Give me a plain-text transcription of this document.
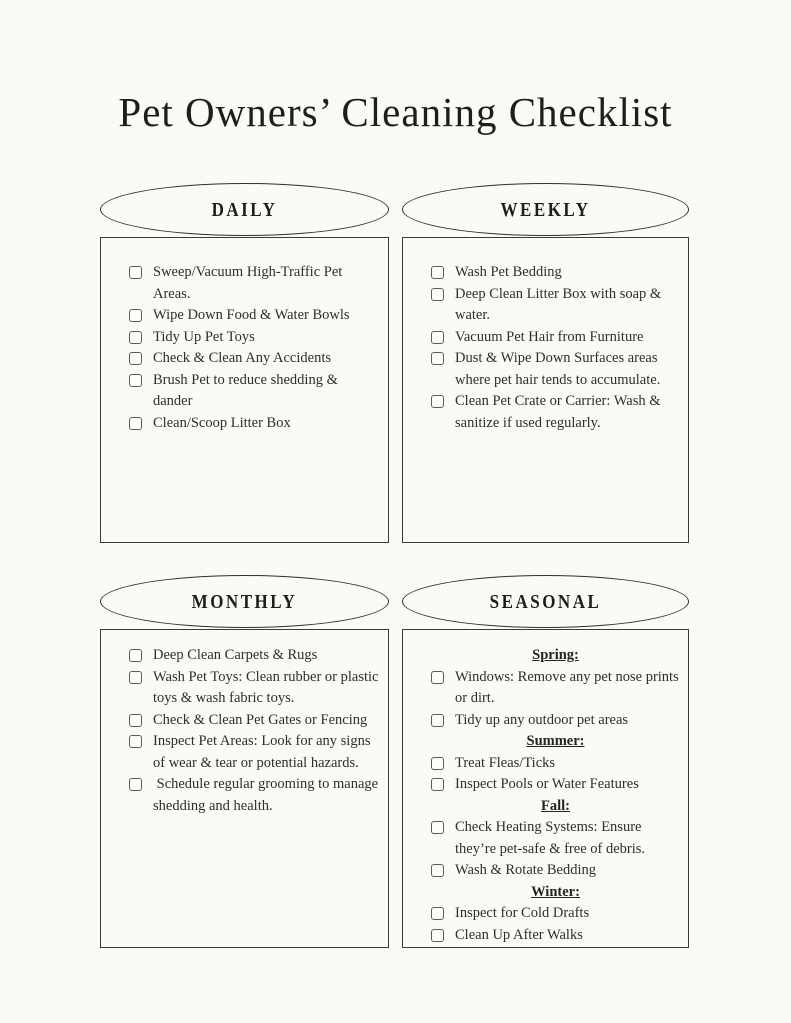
Pet Owners’ Cleaning Checklist
DAILY
Sweep/Vacuum High-Traffic Pet Areas.
Wipe Down Food & Water Bowls
Tidy Up Pet Toys
Check & Clean Any Accidents
Brush Pet to reduce shedding & dander
Clean/Scoop Litter Box
WEEKLY
Wash Pet Bedding
Deep Clean Litter Box with soap & water.
Vacuum Pet Hair from Furniture
Dust & Wipe Down Surfaces areas where pet hair tends to accumulate.
Clean Pet Crate or Carrier: Wash & sanitize if used regularly.
MONTHLY
Deep Clean Carpets & Rugs
Wash Pet Toys: Clean rubber or plastic toys & wash fabric toys.
Check & Clean Pet Gates or Fencing
Inspect Pet Areas: Look for any signs of wear & tear or potential hazards.
Schedule regular grooming to manage shedding and health.
SEASONAL
Spring:
Windows: Remove any pet nose prints or dirt.
Tidy up any outdoor pet areas
Summer:
Treat Fleas/Ticks
Inspect Pools or Water Features
Fall:
Check Heating Systems: Ensure they’re pet-safe & free of debris.
Wash & Rotate Bedding
Winter:
Inspect for Cold Drafts
Clean Up After Walks
